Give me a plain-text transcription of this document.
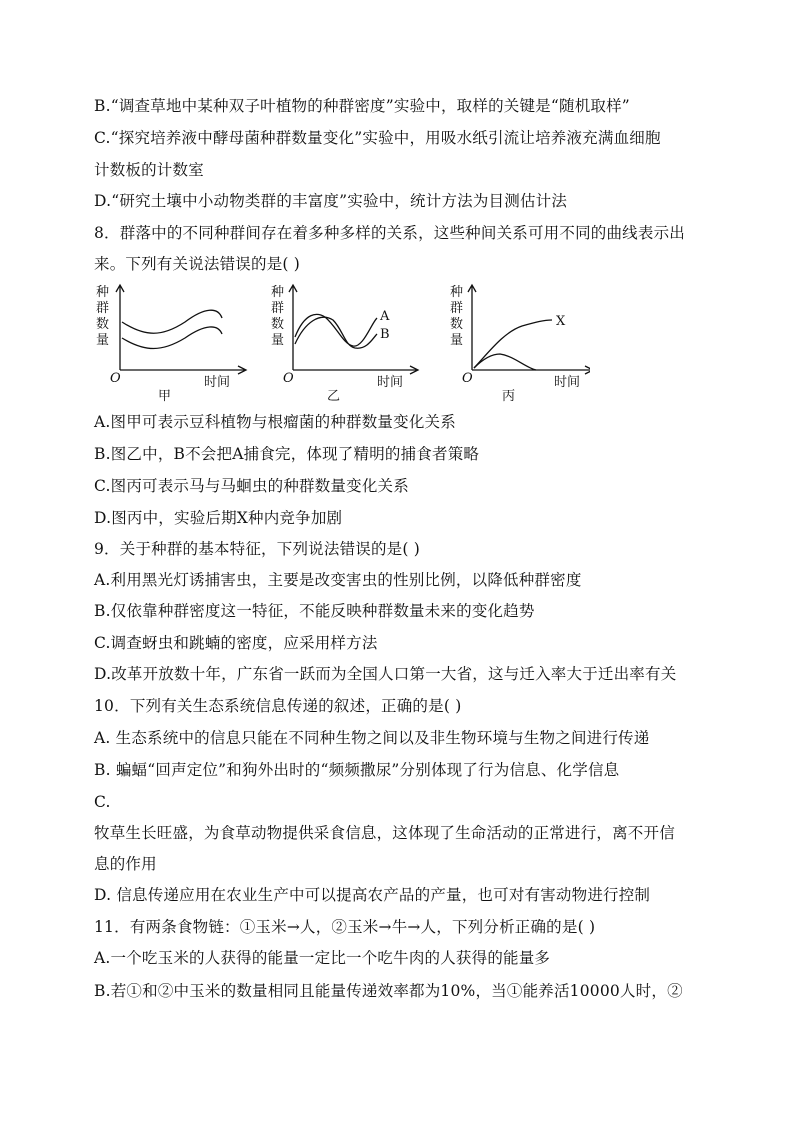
B.“调查草地中某种双子叶植物的种群密度”实验中，取样的关键是“随机取样”
C.“探究培养液中酵母菌种群数量变化”实验中，用吸水纸引流让培养液充满血细胞
计数板的计数室
D.“研究土壤中小动物类群的丰富度”实验中，统计方法为目测估计法
8．群落中的不同种群间存在着多种多样的关系，这些种间关系可用不同的曲线表示出
来。下列有关说法错误的是( )
种
群
数
量
O	时间
甲
种
群
数
量
A
B
O	时间
乙
种
群
数
量
X
O	时间
丙
A.图甲可表示豆科植物与根瘤菌的种群数量变化关系
B.图乙中，B不会把A捕食完，体现了精明的捕食者策略
C.图丙可表示马与马蛔虫的种群数量变化关系
D.图丙中，实验后期X种内竞争加剧
9．关于种群的基本特征，下列说法错误的是( )
A.利用黑光灯诱捕害虫，主要是改变害虫的性别比例，以降低种群密度
B.仅依靠种群密度这一特征，不能反映种群数量未来的变化趋势
C.调查蚜虫和跳蝻的密度，应采用样方法
D.改革开放数十年，广东省一跃而为全国人口第一大省，这与迁入率大于迁出率有关
10．下列有关生态系统信息传递的叙述，正确的是( )
A. 生态系统中的信息只能在不同种生物之间以及非生物环境与生物之间进行传递
B. 蝙蝠“回声定位”和狗外出时的“频频撒尿”分别体现了行为信息、化学信息
C.
牧草生长旺盛，为食草动物提供采食信息，这体现了生命活动的正常进行，离不开信
息的作用
D. 信息传递应用在农业生产中可以提高农产品的产量，也可对有害动物进行控制
11．有两条食物链：①玉米→人，②玉米→牛→人，下列分析正确的是( )
A.一个吃玉米的人获得的能量一定比一个吃牛肉的人获得的能量多
B.若①和②中玉米的数量相同且能量传递效率都为10%，当①能养活10000人时，②
